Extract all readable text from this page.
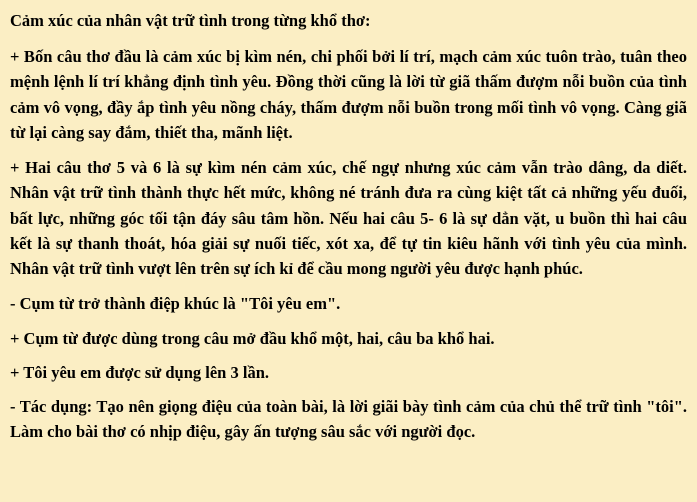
Cảm xúc của nhân vật trữ tình trong từng khổ thơ:

+ Bốn câu thơ đầu là cảm xúc bị kìm nén, chi phối bởi lí trí, mạch cảm xúc tuôn trào, tuân theo mệnh lệnh lí trí khẳng định tình yêu. Đồng thời cũng là lời từ giã thấm đượm nỗi buồn của tình cảm vô vọng, đầy ắp tình yêu nồng cháy, thấm đượm nỗi buồn trong mối tình vô vọng. Càng giã từ lại càng say đắm, thiết tha, mãnh liệt.

+ Hai câu thơ 5 và 6 là sự kìm nén cảm xúc, chế ngự nhưng xúc cảm vẫn trào dâng, da diết. Nhân vật trữ tình thành thực hết mức, không né tránh đưa ra cùng kiệt tất cả những yếu đuối, bất lực, những góc tối tận đáy sâu tâm hồn. Nếu hai câu 5- 6 là sự dẳn vặt, u buồn thì hai câu kết là sự thanh thoát, hóa giải sự nuối tiếc, xót xa, để tự tin kiêu hãnh với tình yêu của mình. Nhân vật trữ tình vượt lên trên sự ích kỉ để cầu mong người yêu được hạnh phúc.

- Cụm từ trở thành điệp khúc là "Tôi yêu em".

+ Cụm từ được dùng trong câu mở đầu khổ một, hai, câu ba khổ hai.

+ Tôi yêu em được sử dụng lên 3 lần.

- Tác dụng: Tạo nên giọng điệu của toàn bài, là lời giãi bày tình cảm của chủ thể trữ tình "tôi". Làm cho bài thơ có nhịp điệu, gây ấn tượng sâu sắc với người đọc.
